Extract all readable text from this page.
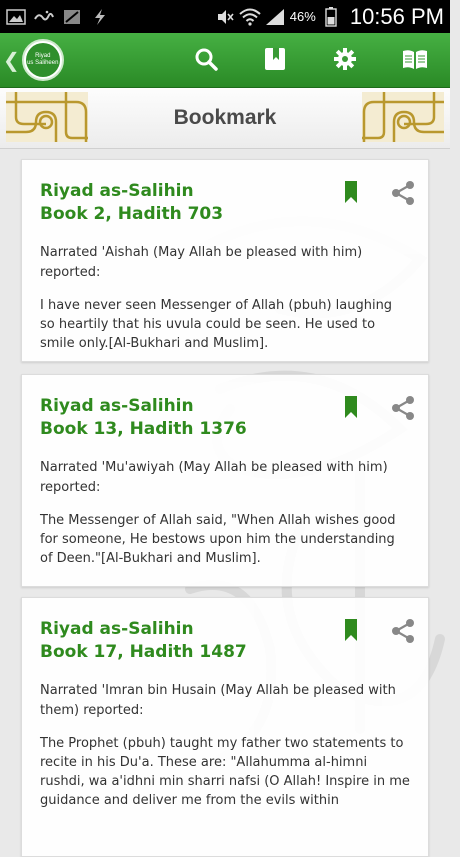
46% 10:56 PM
❮	Riyad
us Saliheen
Bookmark
Riyad as-Salihin
Book 2, Hadith 703
Narrated 'Aishah (May Allah be pleased with him) reported:
I have never seen Messenger of Allah (pbuh) laughing so heartily that his uvula could be seen. He used to smile only.[Al-Bukhari and Muslim].
Riyad as-Salihin
Book 13, Hadith 1376
Narrated 'Mu'awiyah (May Allah be pleased with him) reported:
The Messenger of Allah said, "When Allah wishes good for someone, He bestows upon him the understanding of Deen."[Al-Bukhari and Muslim].
Riyad as-Salihin
Book 17, Hadith 1487
Narrated 'Imran bin Husain (May Allah be pleased with them) reported:
The Prophet (pbuh) taught my father two statements to recite in his Du'a. These are: "Allahumma al-himni rushdi, wa a'idhni min sharri nafsi (O Allah! Inspire in me guidance and deliver me from the evils within
